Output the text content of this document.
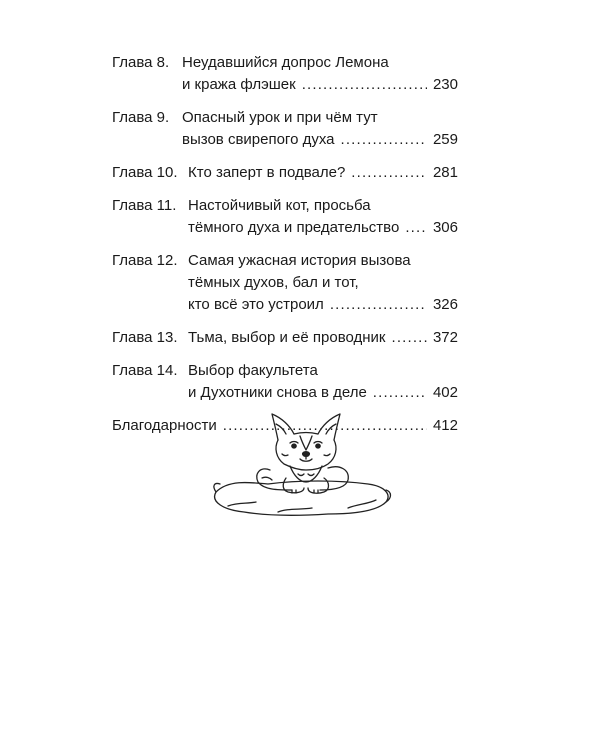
Глава 8. Неудавшийся допрос Лемона
и кража флэшек . . .	230
Глава 9. Опасный урок и при чём тут
вызов свирепого духа . . .	259
Глава 10. Кто заперт в подвале? . . .	281
Глава 11. Настойчивый кот, просьба
тёмного духа и предательство . . . 306
Глава 12. Самая ужасная история вызова
тёмных духов, бал и тот,
кто всё это устроил . . .	326
Глава 13. Тьма, выбор и её проводник . . .	372
Глава 14. Выбор факультета
и Духотники снова в деле . . .	402
Благодарности . . .	412
